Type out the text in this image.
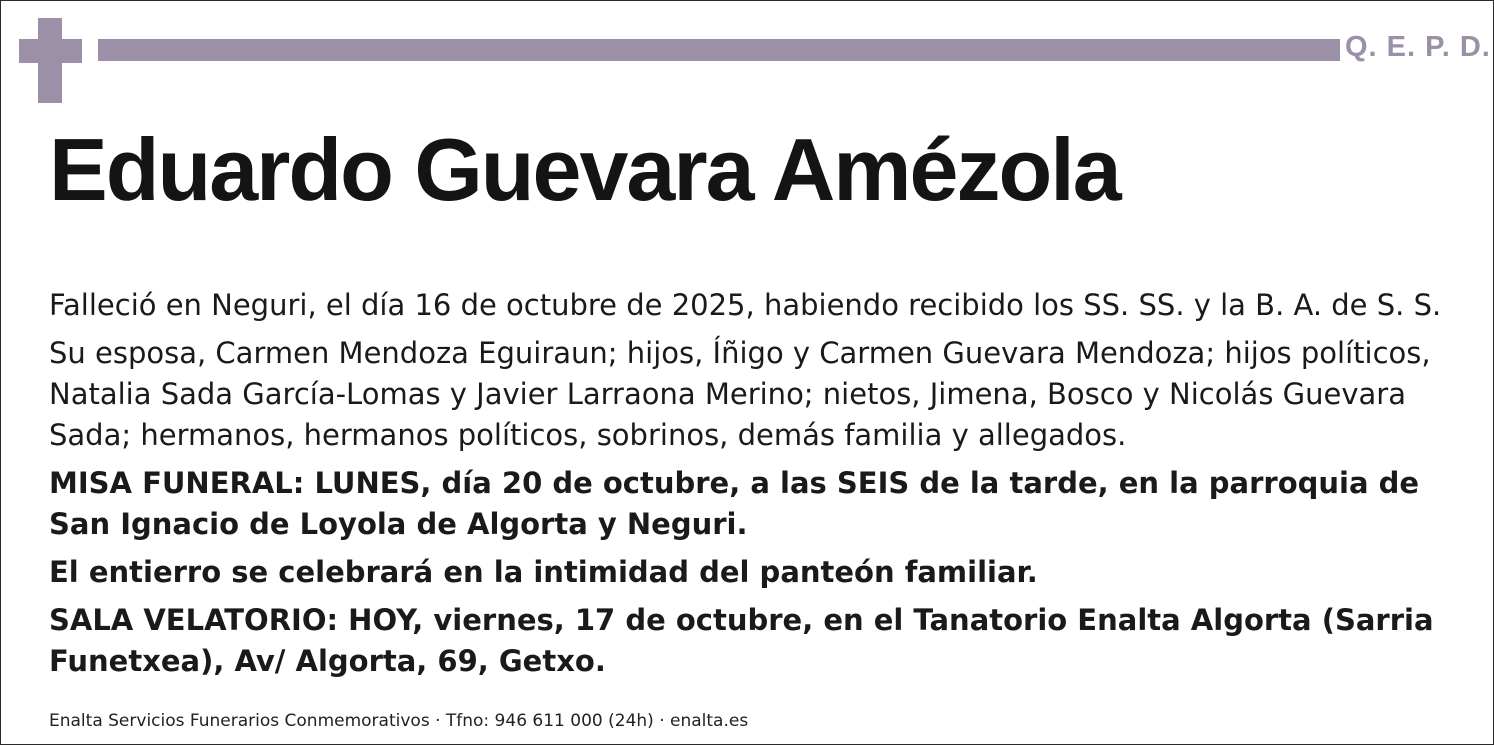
Q. E. P. D.
Eduardo Guevara Amézola

Falleció en Neguri, el día 16 de octubre de 2025, habiendo recibido los SS. SS. y la B. A. de S. S.

Su esposa, Carmen Mendoza Eguiraun; hijos, Íñigo y Carmen Guevara Mendoza; hijos políticos, Natalia Sada García-Lomas y Javier Larraona Merino; nietos, Jimena, Bosco y Nicolás Guevara Sada; hermanos, hermanos políticos, sobrinos, demás familia y allegados.

MISA FUNERAL: LUNES, día 20 de octubre, a las SEIS de la tarde, en la parroquia de San Ignacio de Loyola de Algorta y Neguri.

El entierro se celebrará en la intimidad del panteón familiar.

SALA VELATORIO: HOY, viernes, 17 de octubre, en el Tanatorio Enalta Algorta (Sarria Funetxea), Av/ Algorta, 69, Getxo.

Enalta Servicios Funerarios Conmemorativos · Tfno: 946 611 000 (24h) · enalta.es
